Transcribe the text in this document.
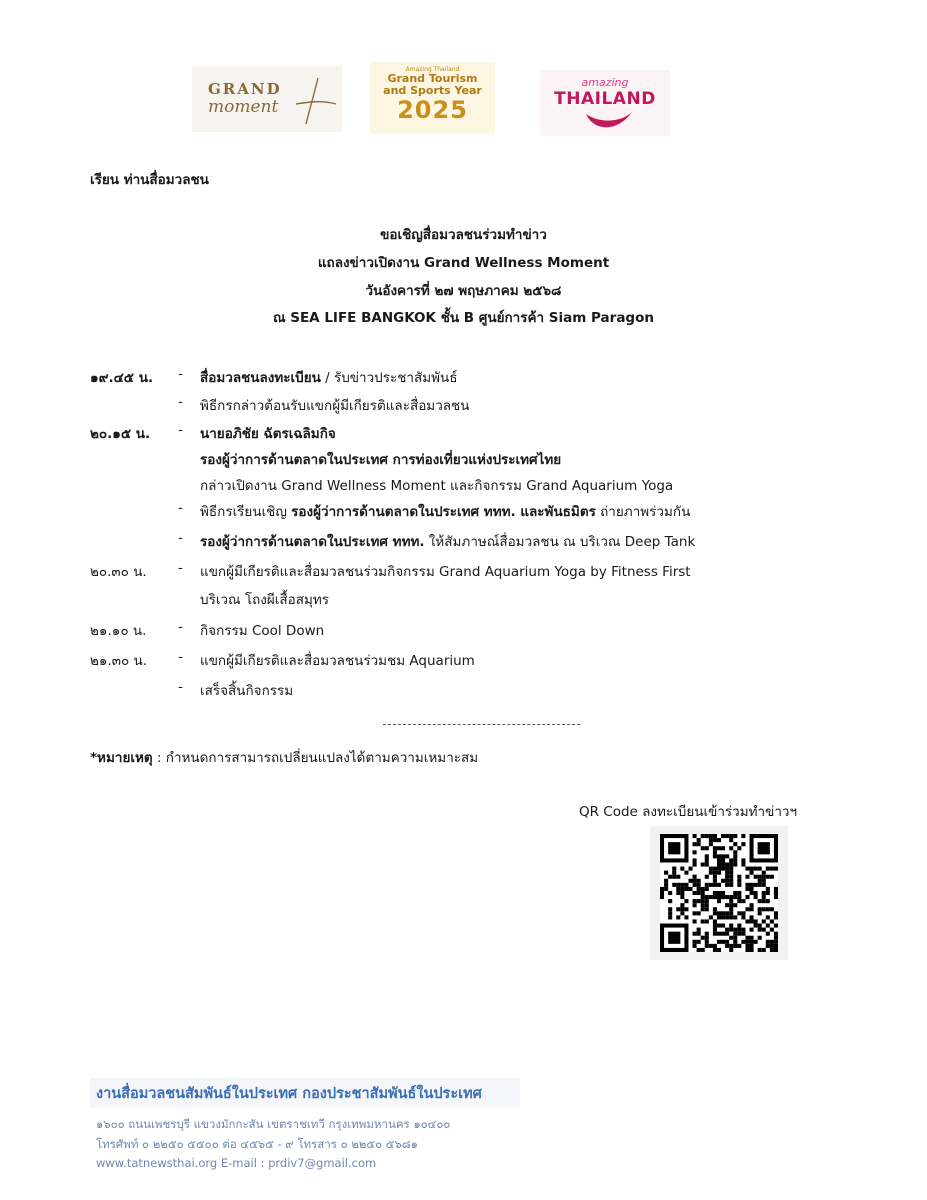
GRAND
moment
Amazing Thailand
Grand Tourism
and Sports Year
2025
amazing
THAILAND
เรียน ท่านสื่อมวลชน
ขอเชิญสื่อมวลชนร่วมทำข่าว
แถลงข่าวเปิดงาน Grand Wellness Moment
วันอังคารที่ ๒๗ พฤษภาคม ๒๕๖๘
ณ SEA LIFE BANGKOK ชั้น B ศูนย์การค้า Siam Paragon
๑๙.๔๕ น. - สื่อมวลชนลงทะเบียน / รับข่าวประชาสัมพันธ์
- พิธีกรกล่าวต้อนรับแขกผู้มีเกียรติและสื่อมวลชน
๒๐.๑๕ น. - นายอภิชัย ฉัตรเฉลิมกิจ
รองผู้ว่าการด้านตลาดในประเทศ การท่องเที่ยวแห่งประเทศไทย
กล่าวเปิดงาน Grand Wellness Moment และกิจกรรม Grand Aquarium Yoga
- พิธีกรเรียนเชิญ รองผู้ว่าการด้านตลาดในประเทศ ททท. และพันธมิตร ถ่ายภาพร่วมกัน
- รองผู้ว่าการด้านตลาดในประเทศ ททท. ให้สัมภาษณ์สื่อมวลชน ณ บริเวณ Deep Tank
๒๐.๓๐ น. - แขกผู้มีเกียรติและสื่อมวลชนร่วมกิจกรรม Grand Aquarium Yoga by Fitness First
บริเวณ โถงผีเสื้อสมุทร
๒๑.๑๐ น. - กิจกรรม Cool Down
๒๑.๓๐ น. - แขกผู้มีเกียรติและสื่อมวลชนร่วมชม Aquarium
- เสร็จสิ้นกิจกรรม
*หมายเหตุ : กำหนดการสามารถเปลี่ยนแปลงได้ตามความเหมาะสม
QR Code ลงทะเบียนเข้าร่วมทำข่าวฯ
งานสื่อมวลชนสัมพันธ์ในประเทศ กองประชาสัมพันธ์ในประเทศ
๑๖๐๐ ถนนเพชรบุรี แขวงมักกะสัน เขตราชเทวี กรุงเทพมหานคร ๑๐๔๐๐
โทรศัพท์ ๐ ๒๒๕๐ ๕๕๐๐ ต่อ ๔๕๖๕ - ๙ โทรสาร ๐ ๒๒๕๐ ๕๖๘๑
www.tatnewsthai.org E-mail : prdiv7@gmail.com
